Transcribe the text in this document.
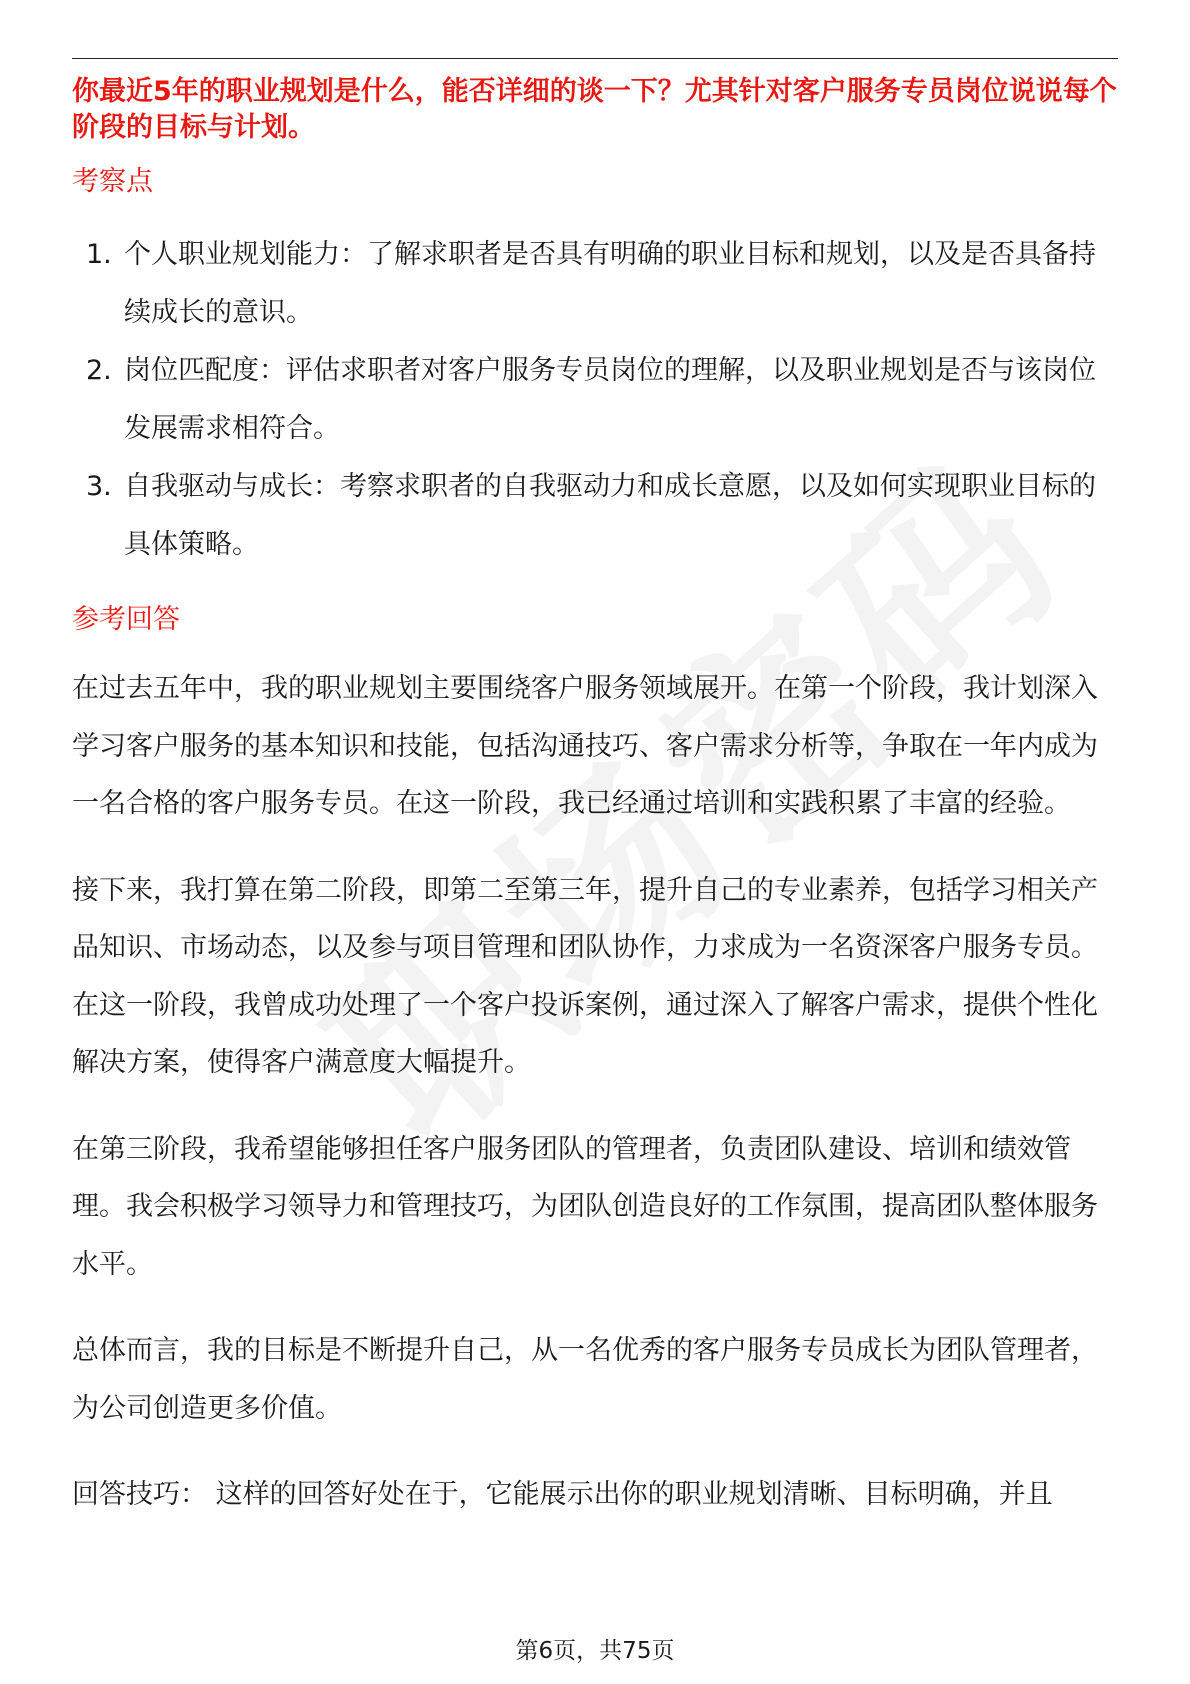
你最近5年的职业规划是什么，能否详细的谈一下？尤其针对客户服务专员岗位说说每个阶段的目标与计划。

考察点

1. 个人职业规划能力：了解求职者是否具有明确的职业目标和规划，以及是否具备持续成长的意识。
2. 岗位匹配度：评估求职者对客户服务专员岗位的理解，以及职业规划是否与该岗位发展需求相符合。
3. 自我驱动与成长：考察求职者的自我驱动力和成长意愿，以及如何实现职业目标的具体策略。

参考回答

在过去五年中，我的职业规划主要围绕客户服务领域展开。在第一个阶段，我计划深入学习客户服务的基本知识和技能，包括沟通技巧、客户需求分析等，争取在一年内成为一名合格的客户服务专员。在这一阶段，我已经通过培训和实践积累了丰富的经验。

接下来，我打算在第二阶段，即第二至第三年，提升自己的专业素养，包括学习相关产品知识、市场动态，以及参与项目管理和团队协作，力求成为一名资深客户服务专员。在这一阶段，我曾成功处理了一个客户投诉案例，通过深入了解客户需求，提供个性化解决方案，使得客户满意度大幅提升。

在第三阶段，我希望能够担任客户服务团队的管理者，负责团队建设、培训和绩效管理。我会积极学习领导力和管理技巧，为团队创造良好的工作氛围，提高团队整体服务水平。

总体而言，我的目标是不断提升自己，从一名优秀的客户服务专员成长为团队管理者，为公司创造更多价值。

回答技巧： 这样的回答好处在于，它能展示出你的职业规划清晰、目标明确，并且

第6页，共75页
